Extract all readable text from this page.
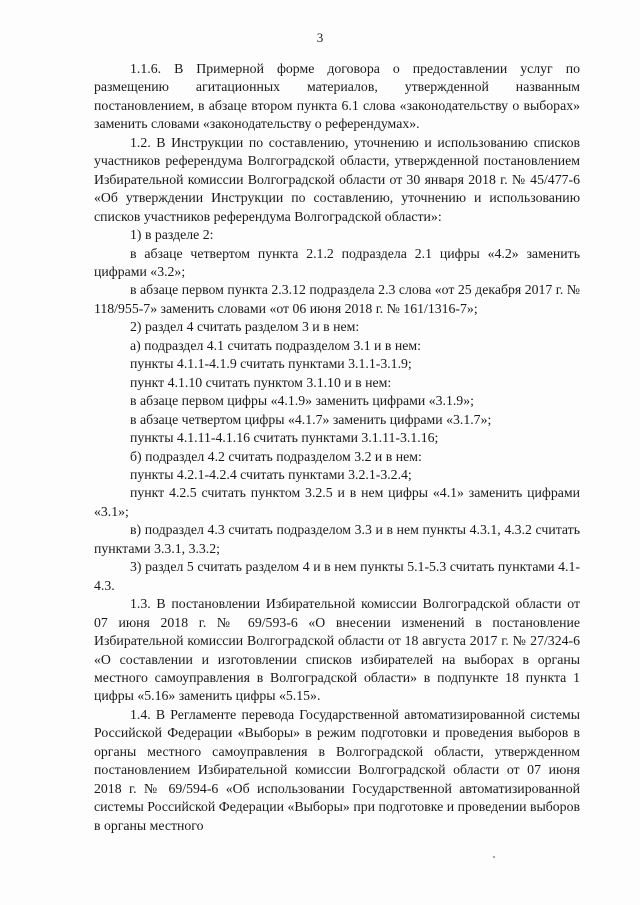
3

1.1.6. В Примерной форме договора о предоставлении услуг по размещению агитационных материалов, утвержденной названным постановлением, в абзаце втором пункта 6.1 слова «законодательству о выборах» заменить словами «законодательству о референдумах».

1.2. В Инструкции по составлению, уточнению и использованию списков участников референдума Волгоградской области, утвержденной постановлением Избирательной комиссии Волгоградской области от 30 января 2018 г. № 45/477-6 «Об утверждении Инструкции по составлению, уточнению и использованию списков участников референдума Волгоградской области»:

1) в разделе 2:

в абзаце четвертом пункта 2.1.2 подраздела 2.1 цифры «4.2» заменить цифрами «3.2»;

в абзаце первом пункта 2.3.12 подраздела 2.3 слова «от 25 декабря 2017 г. № 118/955-7» заменить словами «от 06 июня 2018 г. № 161/1316-7»;

2) раздел 4 считать разделом 3 и в нем:

а) подраздел 4.1 считать подразделом 3.1 и в нем:

пункты 4.1.1-4.1.9 считать пунктами 3.1.1-3.1.9;

пункт 4.1.10 считать пунктом 3.1.10 и в нем:

в абзаце первом цифры «4.1.9» заменить цифрами «3.1.9»;

в абзаце четвертом цифры «4.1.7» заменить цифрами «3.1.7»;

пункты 4.1.11-4.1.16 считать пунктами 3.1.11-3.1.16;

б) подраздел 4.2 считать подразделом 3.2 и в нем:

пункты 4.2.1-4.2.4 считать пунктами 3.2.1-3.2.4;

пункт 4.2.5 считать пунктом 3.2.5 и в нем цифры «4.1» заменить цифрами «3.1»;

в) подраздел 4.3 считать подразделом 3.3 и в нем пункты 4.3.1, 4.3.2 считать пунктами 3.3.1, 3.3.2;

3) раздел 5 считать разделом 4 и в нем пункты 5.1-5.3 считать пунктами 4.1-4.3.

1.3. В постановлении Избирательной комиссии Волгоградской области от 07 июня 2018 г. № 69/593-6 «О внесении изменений в постановление Избирательной комиссии Волгоградской области от 18 августа 2017 г. № 27/324-6 «О составлении и изготовлении списков избирателей на выборах в органы местного самоуправления в Волгоградской области» в подпункте 18 пункта 1 цифры «5.16» заменить цифры «5.15».

1.4. В Регламенте перевода Государственной автоматизированной системы Российской Федерации «Выборы» в режим подготовки и проведения выборов в органы местного самоуправления в Волгоградской области, утвержденном постановлением Избирательной комиссии Волгоградской области от 07 июня 2018 г. № 69/594-6 «Об использовании Государственной автоматизированной системы Российской Федерации «Выборы» при подготовке и проведении выборов в органы местного
